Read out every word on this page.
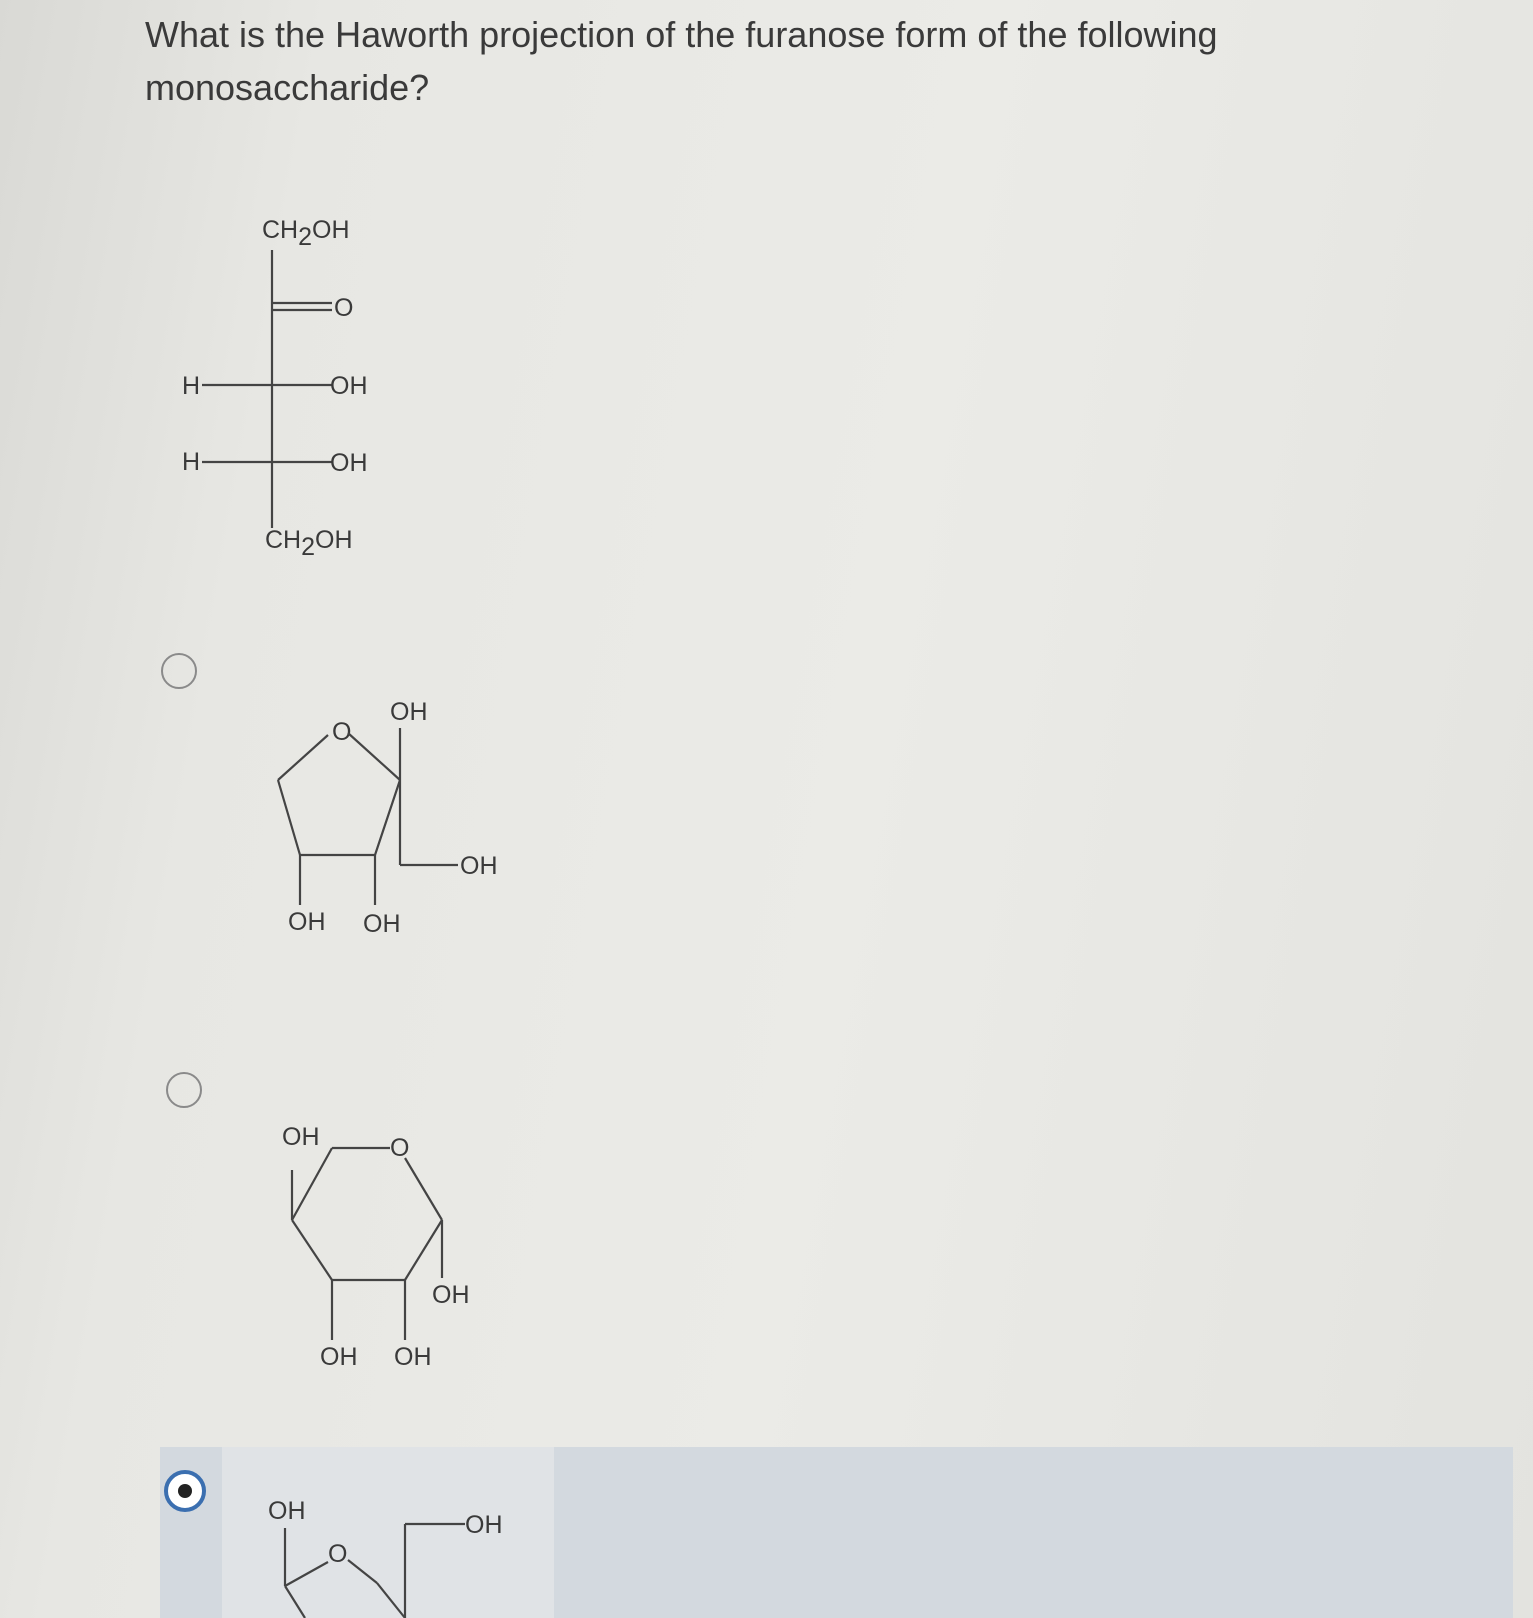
What is the Haworth projection of the furanose form of the following monosaccharide?
CH2OH
O
H	OH
H	OH
CH2OH
O
OH
OH
OH OH
OH	O
OH
OH OH
OH
O
OH
